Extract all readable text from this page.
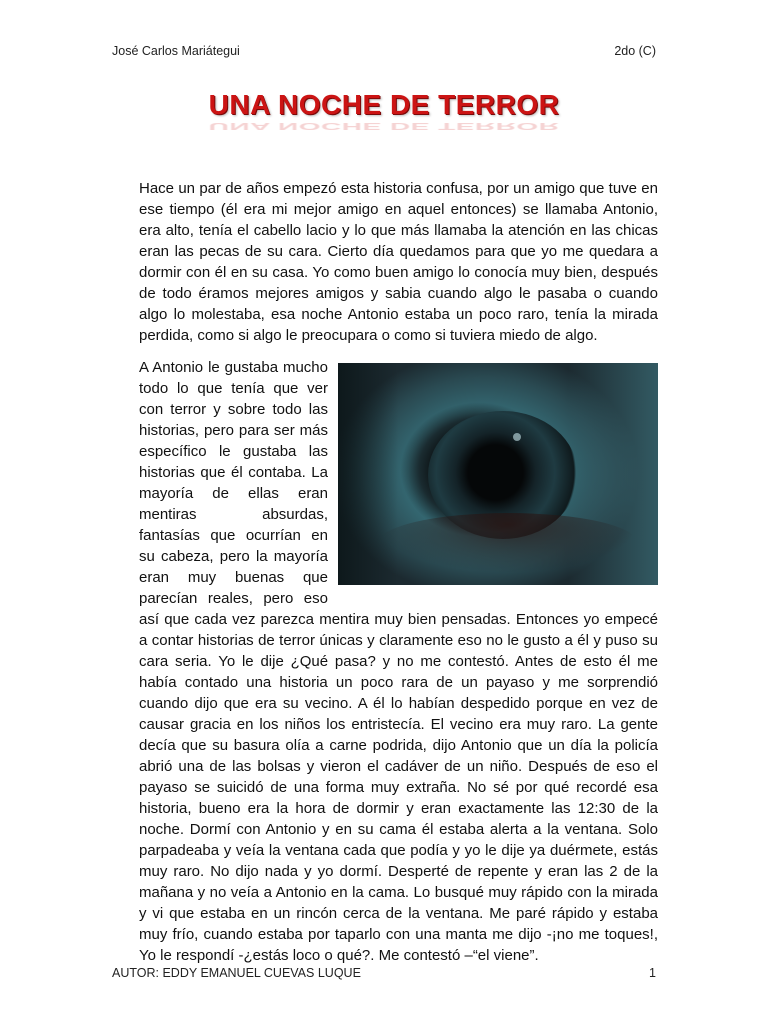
José Carlos Mariátegui	2do (C)
UNA NOCHE DE TERROR
UNA NOCHE DE TERROR
Hace un par de años empezó esta historia confusa, por un amigo que tuve en ese tiempo (él era mi mejor amigo en aquel entonces) se llamaba Antonio, era alto, tenía el cabello lacio y lo que más llamaba la atención en las chicas eran las pecas de su cara. Cierto día quedamos para que yo me quedara a dormir con él en su casa. Yo como buen amigo lo conocía muy bien, después de todo éramos mejores amigos y sabia cuando algo le pasaba o cuando algo lo molestaba, esa noche Antonio estaba un poco raro, tenía la mirada perdida, como si algo le preocupara o como si tuviera miedo de algo.
A Antonio le gustaba mucho todo lo que tenía que ver con terror y sobre todo las historias, pero para ser más específico le gustaba las historias que él contaba. La mayoría de ellas eran mentiras absurdas, fantasías que ocurrían en su cabeza, pero la mayoría eran muy buenas que parecían reales, pero eso así que cada vez parezca mentira muy bien pensadas. Entonces yo empecé a contar historias de terror únicas y claramente eso no le gusto a él y puso su cara seria. Yo le dije ¿Qué pasa? y no me contestó. Antes de esto él me había contado una historia un poco rara de un payaso y me sorprendió cuando dijo que era su vecino. A él lo habían despedido porque en vez de causar gracia en los niños los entristecía. El vecino era muy raro. La gente decía que su basura olía a carne podrida, dijo Antonio que un día la policía abrió una de las bolsas y vieron el cadáver de un niño. Después de eso el payaso se suicidó de una forma muy extraña. No sé por qué recordé esa historia, bueno era la hora de dormir y eran exactamente las 12:30 de la noche. Dormí con Antonio y en su cama él estaba alerta a la ventana. Solo parpadeaba y veía la ventana cada que podía y yo le dije ya duérmete, estás muy raro. No dijo nada y yo dormí. Desperté de repente y eran las 2 de la mañana y no veía a Antonio en la cama. Lo busqué muy rápido con la mirada y vi que estaba en un rincón cerca de la ventana. Me paré rápido y estaba muy frío, cuando estaba por taparlo con una manta me dijo -¡no me toques!, Yo le respondí -¿estás loco o qué?. Me contestó –“el viene”.
AUTOR: EDDY EMANUEL CUEVAS LUQUE	1
